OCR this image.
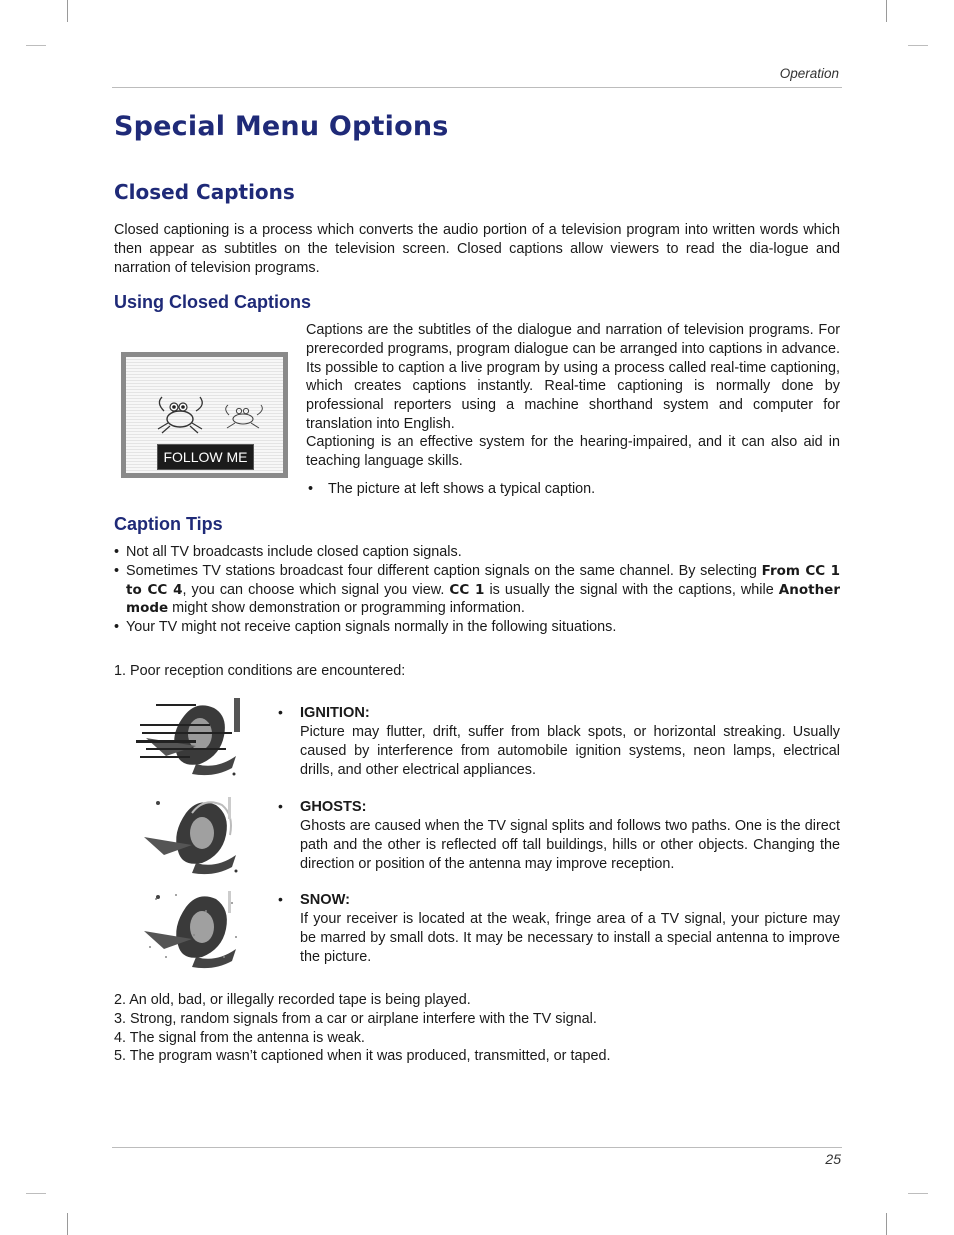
Operation
Special Menu Options
Closed Captions

Closed captioning is a process which converts the audio portion of a television program into written words which then appear as subtitles on the television screen. Closed captions allow viewers to read the dia-logue and narration of television programs.

Using Closed Captions
FOLLOW ME

Captions are the subtitles of the dialogue and narration of television programs. For prerecorded programs, program dialogue can be arranged into captions in advance. Its possible to caption a live program by using a process called real-time captioning, which creates captions instantly. Real-time captioning is normally done by professional reporters using a machine shorthand system and computer for translation into English.

Captioning is an effective system for the hearing-impaired, and it can also aid in teaching language skills.

• The picture at left shows a typical caption.
Caption Tips
• Not all TV broadcasts include closed caption signals.
• Sometimes TV stations broadcast four different caption signals on the same channel. By selecting From CC 1 to CC 4, you can choose which signal you view. CC 1 is usually the signal with the captions, while Another mode might show demonstration or programming information.
• Your TV might not receive caption signals normally in the following situations.

1. Poor reception conditions are encountered:

• IGNITION:

Picture may flutter, drift, suffer from black spots, or horizontal streaking. Usually caused by interference from automobile ignition systems, neon lamps, electrical drills, and other electrical appliances.

• GHOSTS:

Ghosts are caused when the TV signal splits and follows two paths. One is the direct path and the other is reflected off tall buildings, hills or other objects. Changing the direction or position of the antenna may improve reception.

• SNOW:

If your receiver is located at the weak, fringe area of a TV signal, your picture may be marred by small dots. It may be necessary to install a special antenna to improve the picture.

2. An old, bad, or illegally recorded tape is being played.
3. Strong, random signals from a car or airplane interfere with the TV signal.
4. The signal from the antenna is weak.
5. The program wasn’t captioned when it was produced, transmitted, or taped.
25
